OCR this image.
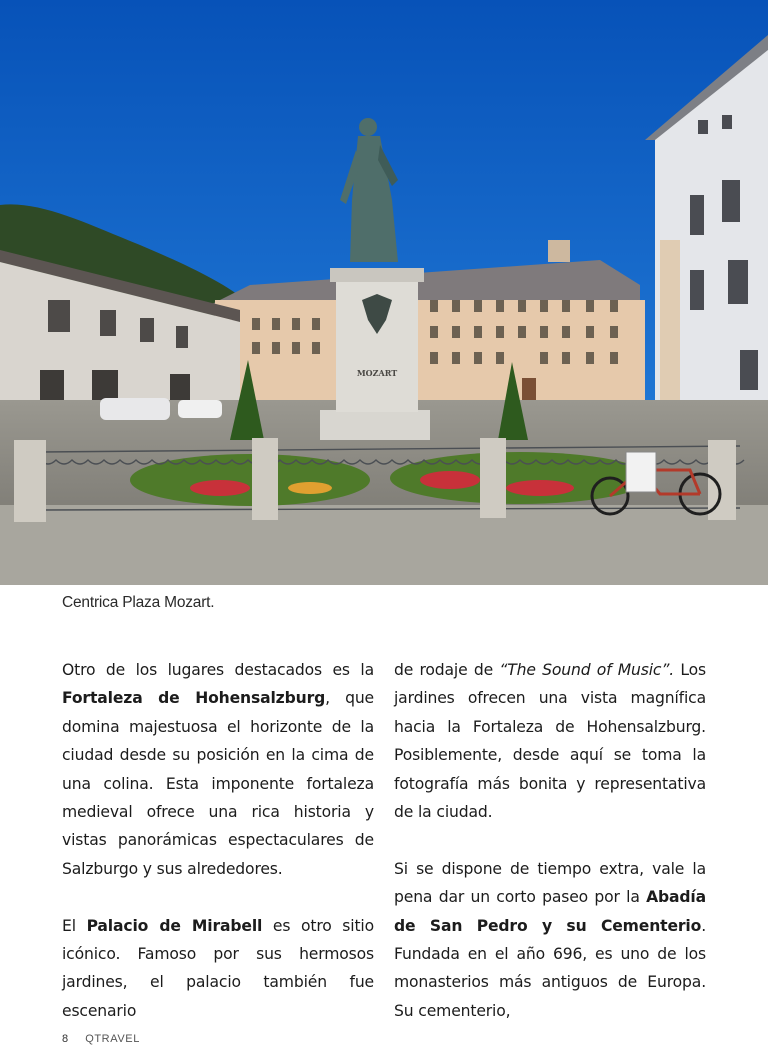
MOZART
Centrica Plaza Mozart.

Otro de los lugares destacados es la Fortaleza de Hohensalzburg, que domina majestuosa el horizonte de la ciudad desde su posición en la cima de una colina. Esta imponente fortaleza medieval ofrece una rica historia y vistas panorámicas espectaculares de Salzburgo y sus alrededores.

El Palacio de Mirabell es otro sitio icónico. Famoso por sus hermosos jardines, el palacio también fue escenario

de rodaje de “The Sound of Music”. Los jardines ofrecen una vista magnífica hacia la Fortaleza de Hohensalzburg. Posiblemente, desde aquí se toma la fotografía más bonita y representativa de la ciudad.

Si se dispone de tiempo extra, vale la pena dar un corto paseo por la Abadía de San Pedro y su Cementerio. Fundada en el año 696, es uno de los monasterios más antiguos de Europa. Su cementerio,

8 QTRAVEL
